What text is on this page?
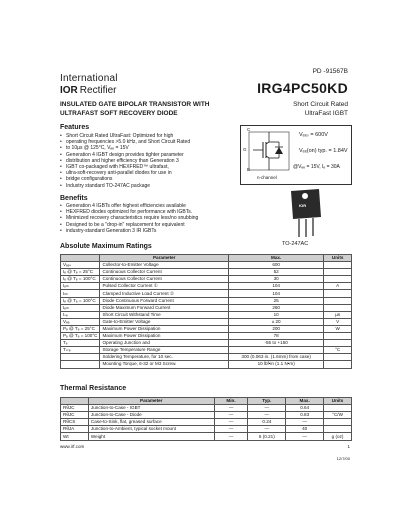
PD -91567B
International
IOR Rectifier	IRG4PC50KD
INSULATED GATE BIPOLAR TRANSISTOR WITH
ULTRAFAST SOFT RECOVERY DIODE
Short Circuit Rated
UltraFast IGBT
Features
• Short Circuit Rated UltraFast: Optimized for high
• operating frequencies >5.0 kHz, and Short Circuit Rated
• to 10µs @ 125°C, Vₑₑ = 15V
• Generation 4 IGBT design provides tighter parameter
• distribution and higher efficiency than Generation 3
• IGBT co-packaged with HEXFRED™ ultrafast,
• ultra-soft-recovery anti-parallel diodes for use in
• bridge configurations
• Industry standard TO-247AC package
Benefits
• Generation 4 IGBTs offer highest efficiencies available
• HEXFRED diodes optimized for performance with IGBTs.
• Minimized recovery characteristics require less/no snubbing
• Designed to be a "drop-in" replacement for equivalent
• industry-standard Generation 3 IR IGBTs
C
G
E
n-channel
Vₑₑₛ = 600V
Vₑₑ(on) typ. = 1.84V
@Vₑₑ = 15V, Iₑ = 30A
IOR
TO-247AC
Absolute Maximum Ratings
	Parameter	Max.	Units
Vₑₑₛ	Collector-to-Emitter Voltage	600	
Iₑ @ Tₑ = 25°C	Continuous Collector Current	52	
Iₑ @ Tₑ = 100°C	Continuous Collector Current	30	
Iₑₘ	Pulsed Collector Current ①	104	A
Iₗₘ	Clamped Inductive Load Current ②	104	
Iₑ @ Tₑ = 100°C	Diode Continuous Forward Current	25	
Iₑₘ	Diode Maximum Forward Current	260	
tₛₑ	Short Circuit Withstand Time	10	µs
Vₑₑ	Gate-to-Emitter Voltage	± 20	V
Pₑ @ Tₑ = 25°C	Maximum Power Dissipation	200	W
Pₑ @ Tₑ = 100°C	Maximum Power Dissipation	78	
Tₑ	Operating Junction and	-55 to +150	
Tₛₜₑ	Storage Temperature Range		°C
	Soldering Temperature, for 10 sec.	300 (0.063 in. (1.6mm) from case)	
	Mounting Torque, 6-32 or M3 Screw.	10 lbf•in (1.1 N•m)	
Thermal Resistance
	Parameter	Min.	Typ.	Max.	Units
RθJC	Junction-to-Case - IGBT	—	—	0.64	
RθJC	Junction-to-Case - Diode	—	—	0.83	°C/W
RθCS	Case-to-Sink, flat, greased surface	—	0.24	—	
RθJA	Junction-to-Ambient, typical socket mount	—	—	40	
Wt	Weight	—	6 (0.21)	—	g (oz)
www.irf.com	1
12/7/00
